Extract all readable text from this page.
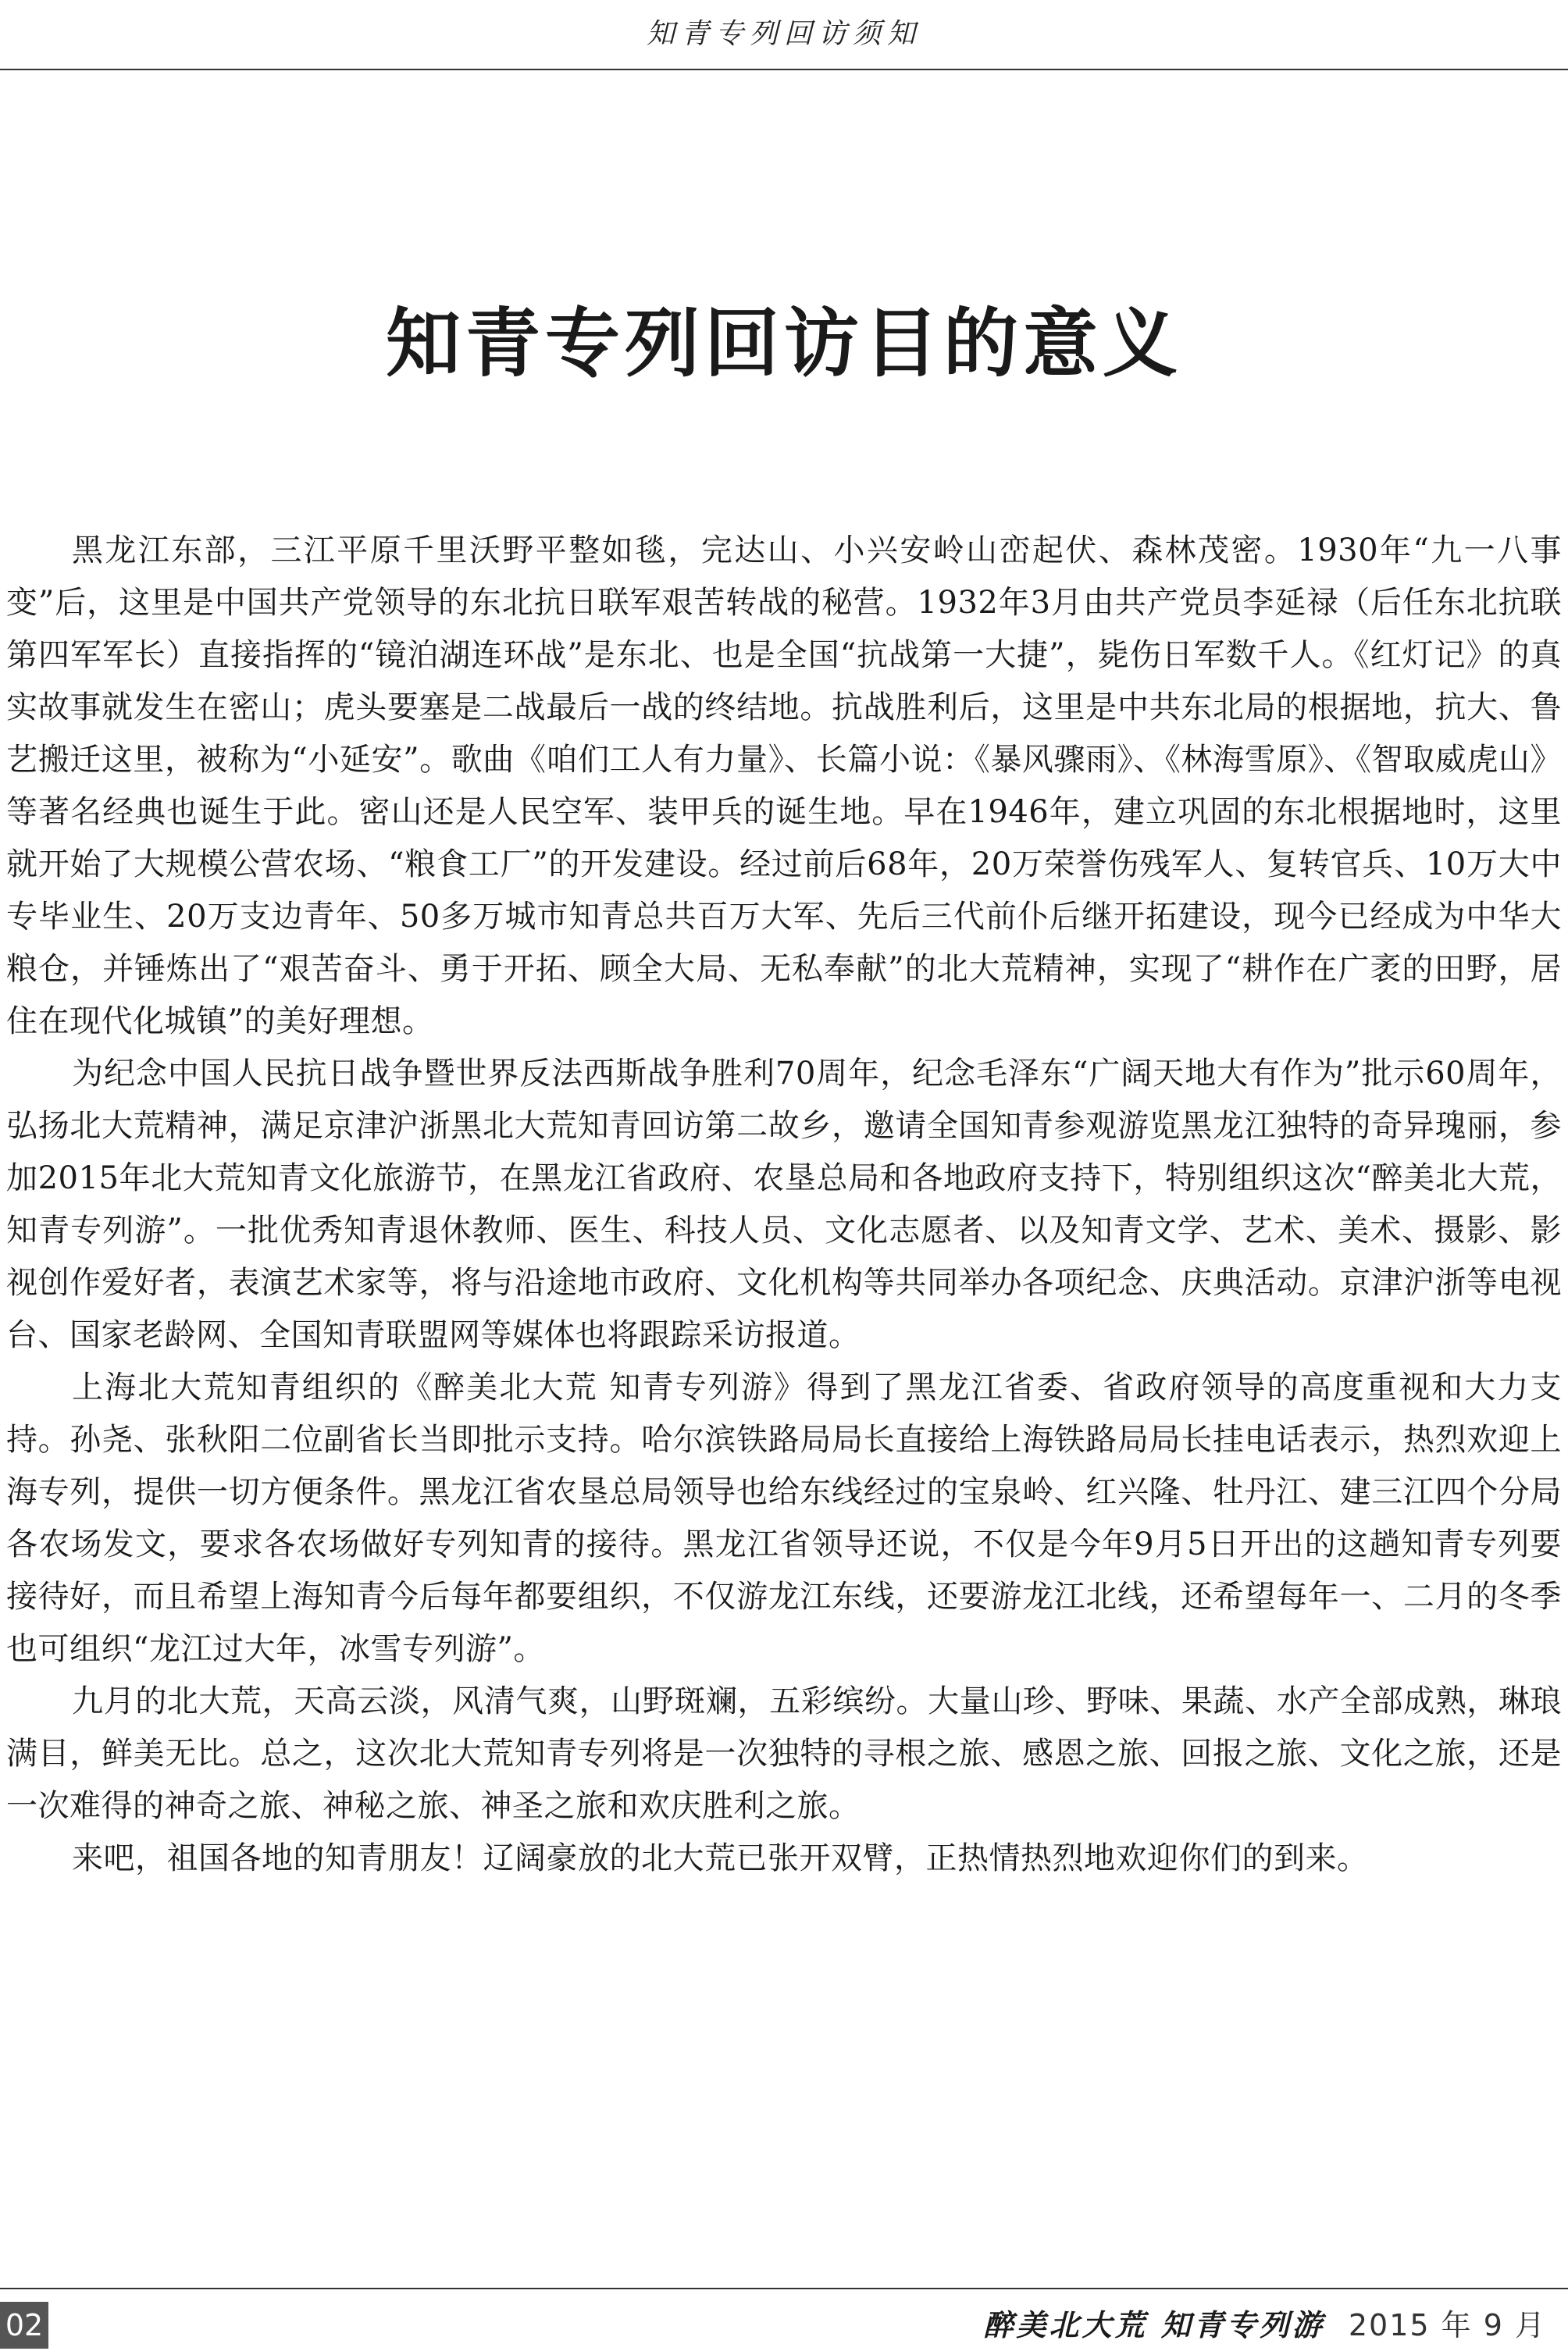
知青专列回访须知
知青专列回访目的意义

黑龙江东部，三江平原千里沃野平整如毯，完达山、小兴安岭山峦起伏、森林茂密。1930年“九一八事变”后，这里是中国共产党领导的东北抗日联军艰苦转战的秘营。1932年3月由共产党员李延禄（后任东北抗联第四军军长）直接指挥的“镜泊湖连环战”是东北、也是全国“抗战第一大捷”，毙伤日军数千人。《红灯记》的真实故事就发生在密山；虎头要塞是二战最后一战的终结地。抗战胜利后，这里是中共东北局的根据地，抗大、鲁艺搬迁这里，被称为“小延安”。歌曲《咱们工人有力量》、长篇小说：《暴风骤雨》、《林海雪原》、《智取威虎山》等著名经典也诞生于此。密山还是人民空军、装甲兵的诞生地。早在1946年，建立巩固的东北根据地时，这里就开始了大规模公营农场、“粮食工厂”的开发建设。经过前后68年，20万荣誉伤残军人、复转官兵、10万大中专毕业生、20万支边青年、50多万城市知青总共百万大军、先后三代前仆后继开拓建设，现今已经成为中华大粮仓，并锤炼出了“艰苦奋斗、勇于开拓、顾全大局、无私奉献”的北大荒精神，实现了“耕作在广袤的田野，居住在现代化城镇”的美好理想。

为纪念中国人民抗日战争暨世界反法西斯战争胜利70周年，纪念毛泽东“广阔天地大有作为”批示60周年，弘扬北大荒精神，满足京津沪浙黑北大荒知青回访第二故乡，邀请全国知青参观游览黑龙江独特的奇异瑰丽，参加2015年北大荒知青文化旅游节，在黑龙江省政府、农垦总局和各地政府支持下，特别组织这次“醉美北大荒，知青专列游”。一批优秀知青退休教师、医生、科技人员、文化志愿者、以及知青文学、艺术、美术、摄影、影视创作爱好者，表演艺术家等，将与沿途地市政府、文化机构等共同举办各项纪念、庆典活动。京津沪浙等电视台、国家老龄网、全国知青联盟网等媒体也将跟踪采访报道。

上海北大荒知青组织的《醉美北大荒 知青专列游》得到了黑龙江省委、省政府领导的高度重视和大力支持。孙尧、张秋阳二位副省长当即批示支持。哈尔滨铁路局局长直接给上海铁路局局长挂电话表示，热烈欢迎上海专列，提供一切方便条件。黑龙江省农垦总局领导也给东线经过的宝泉岭、红兴隆、牡丹江、建三江四个分局各农场发文，要求各农场做好专列知青的接待。黑龙江省领导还说，不仅是今年9月5日开出的这趟知青专列要接待好，而且希望上海知青今后每年都要组织，不仅游龙江东线，还要游龙江北线，还希望每年一、二月的冬季也可组织“龙江过大年，冰雪专列游”。

九月的北大荒，天高云淡，风清气爽，山野斑斓，五彩缤纷。大量山珍、野味、果蔬、水产全部成熟，琳琅满目，鲜美无比。总之，这次北大荒知青专列将是一次独特的寻根之旅、感恩之旅、回报之旅、文化之旅，还是一次难得的神奇之旅、神秘之旅、神圣之旅和欢庆胜利之旅。

来吧，祖国各地的知青朋友！辽阔豪放的北大荒已张开双臂，正热情热烈地欢迎你们的到来。

02	醉美北大荒 知青专列游 2015 年 9 月
